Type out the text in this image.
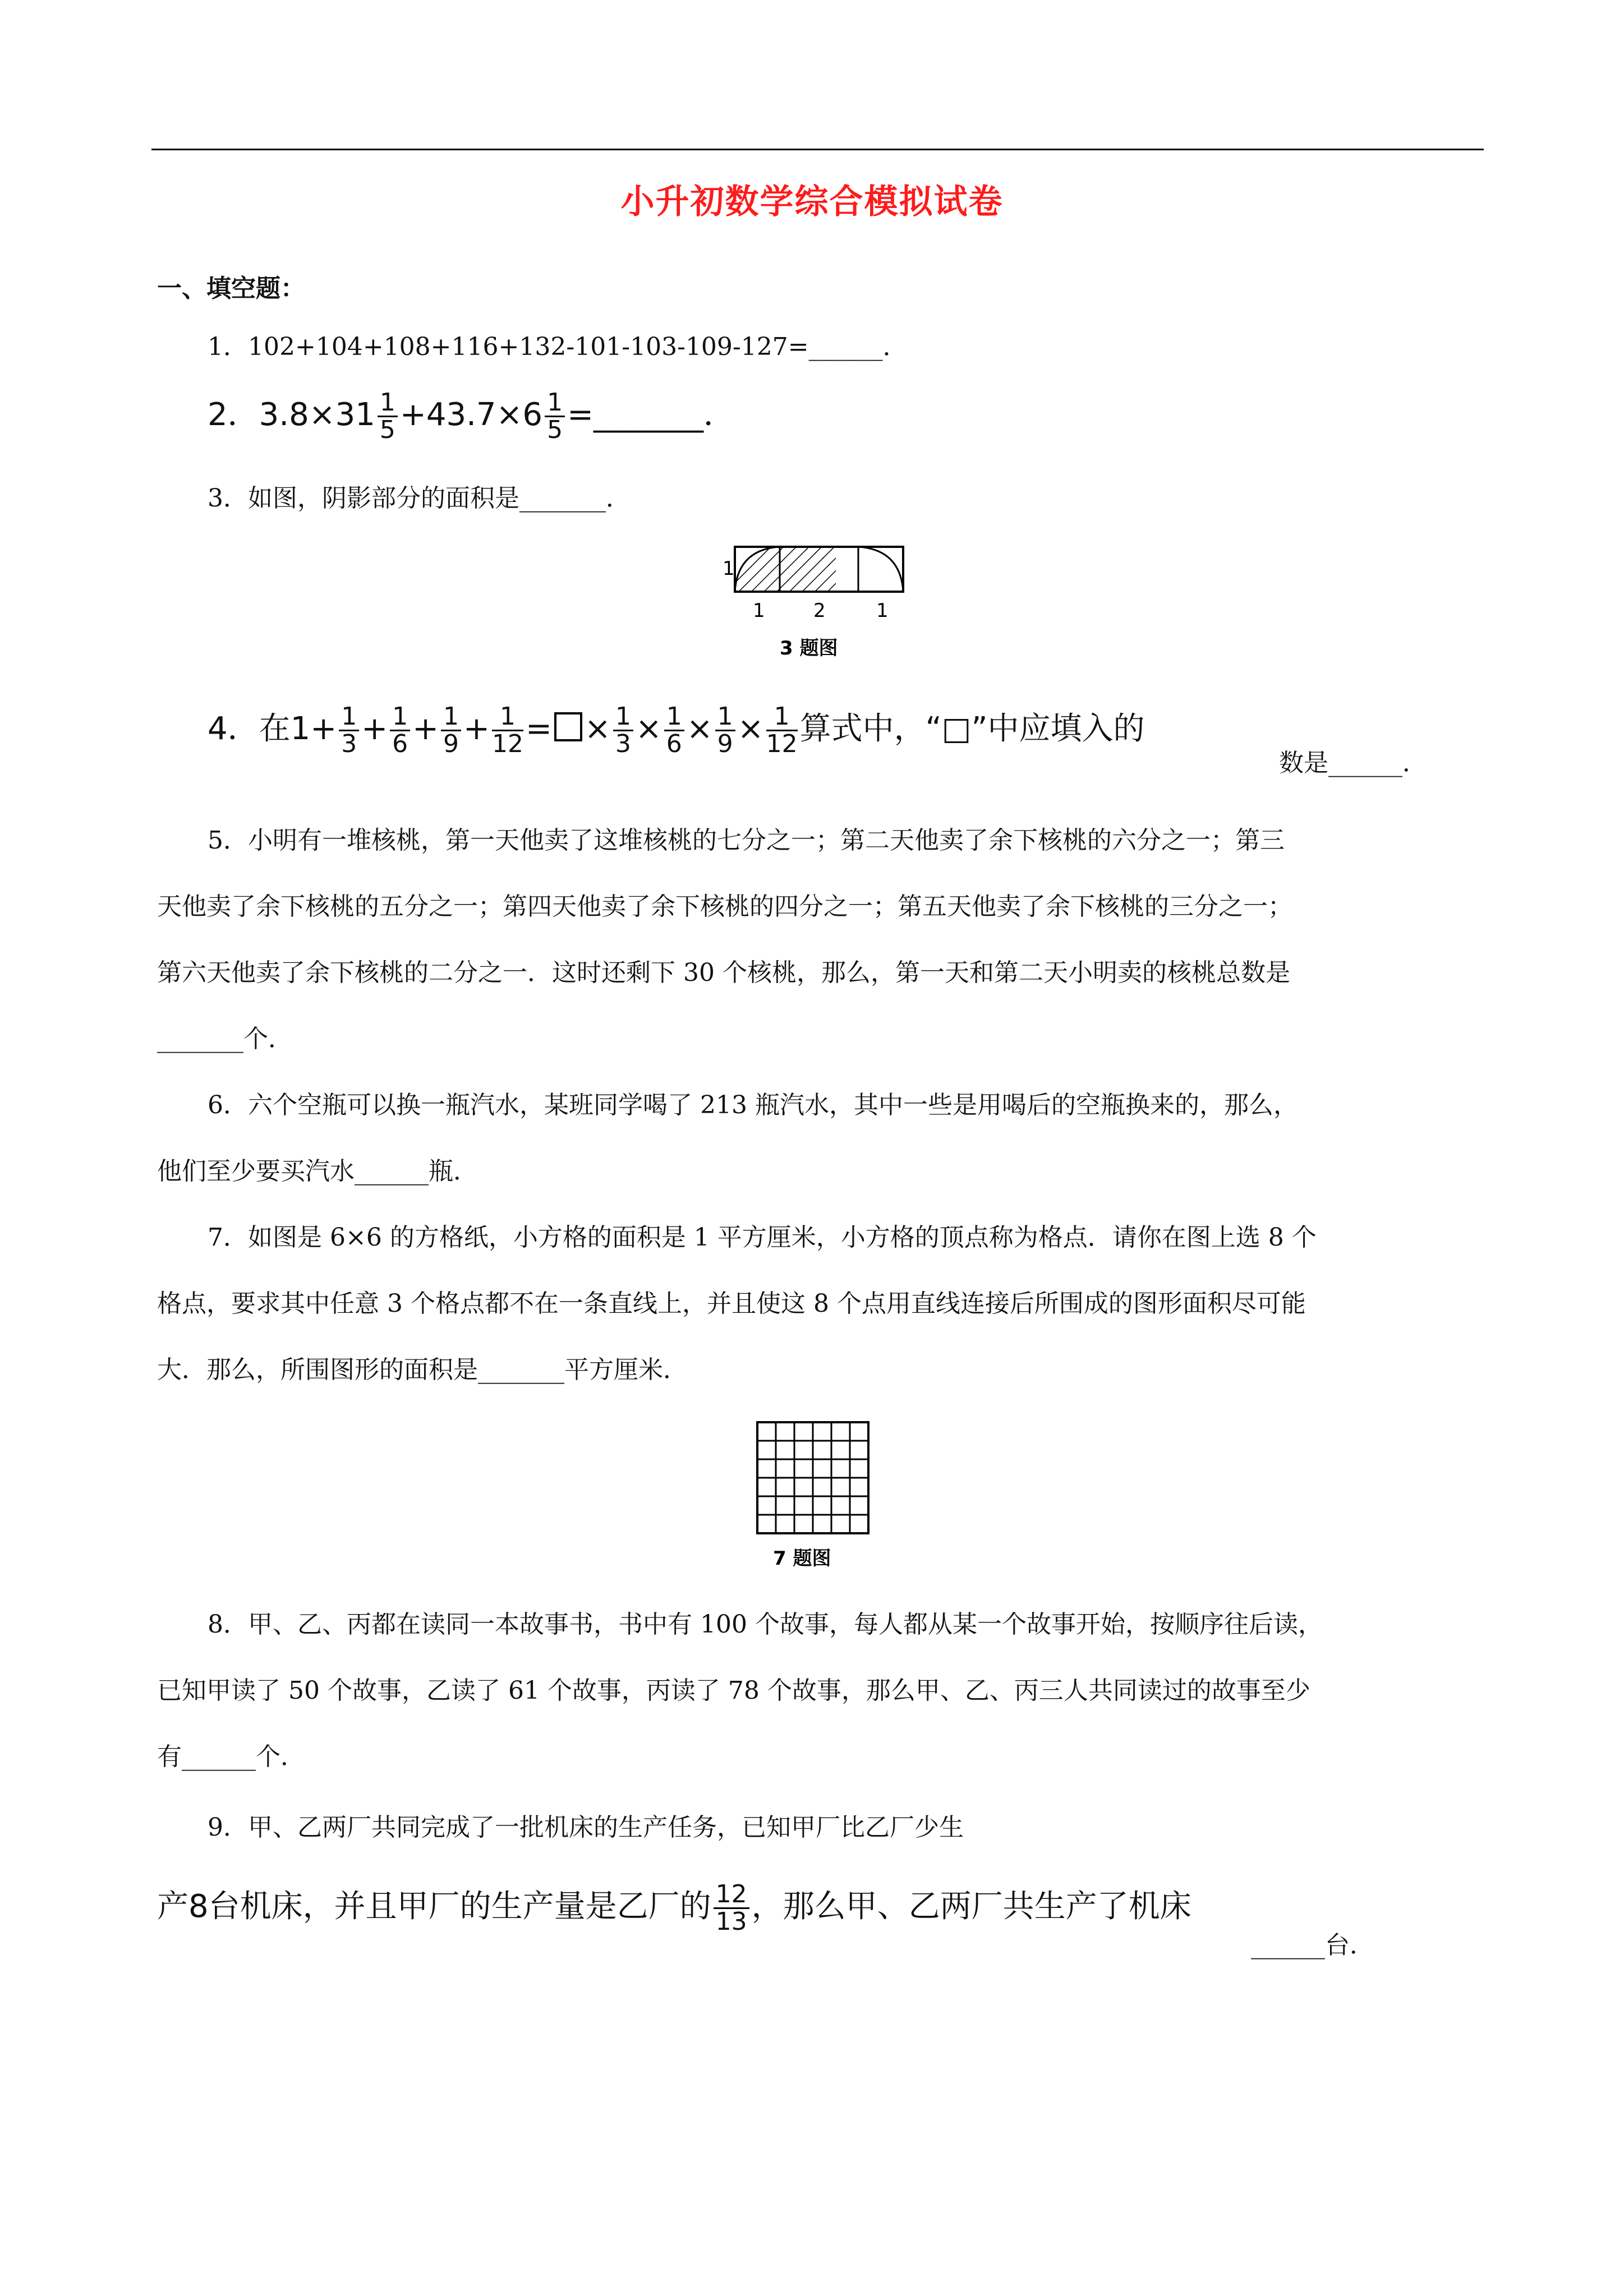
小升初数学综合模拟试卷
一、填空题：

1．102+104+108+116+132-101-103-109-127=______．

2．$3.8\times 31 \frac{1}{5} +43.7\times 6 \frac{1}{5}$ =_______．

3．如图，阴影部分的面积是_______．

1
1	2	1
3 题图
4．在$1+ \frac{1}{3} + \frac{1}{6} + \frac{1}{9} + \frac{1}{12}$ = × $\frac{1}{3} \times \frac{1}{6} \times \frac{1}{9} \times \frac{1}{12}$ 算式中，“□”中应填入的
数是______．

5．小明有一堆核桃，第一天他卖了这堆核桃的七分之一；第二天他卖了余下核桃的六分之一；第三

天他卖了余下核桃的五分之一；第四天他卖了余下核桃的四分之一；第五天他卖了余下核桃的三分之一；

第六天他卖了余下核桃的二分之一．这时还剩下 30 个核桃，那么，第一天和第二天小明卖的核桃总数是

_______个．

6．六个空瓶可以换一瓶汽水，某班同学喝了 213 瓶汽水，其中一些是用喝后的空瓶换来的，那么，

他们至少要买汽水______瓶．

7．如图是 6×6 的方格纸，小方格的面积是 1 平方厘米，小方格的顶点称为格点．请你在图上选 8 个

格点，要求其中任意 3 个格点都不在一条直线上，并且使这 8 个点用直线连接后所围成的图形面积尽可能

大．那么，所围图形的面积是_______平方厘米．

7 题图

8．甲、乙、丙都在读同一本故事书，书中有 100 个故事，每人都从某一个故事开始，按顺序往后读，

已知甲读了 50 个故事，乙读了 61 个故事，丙读了 78 个故事，那么甲、乙、丙三人共同读过的故事至少

有______个．

9．甲、乙两厂共同完成了一批机床的生产任务，已知甲厂比乙厂少生

产8台机床，并且甲厂的生产量是乙厂的 $\frac{12}{13}$ ，那么甲、乙两厂共生产了机床
______台．
